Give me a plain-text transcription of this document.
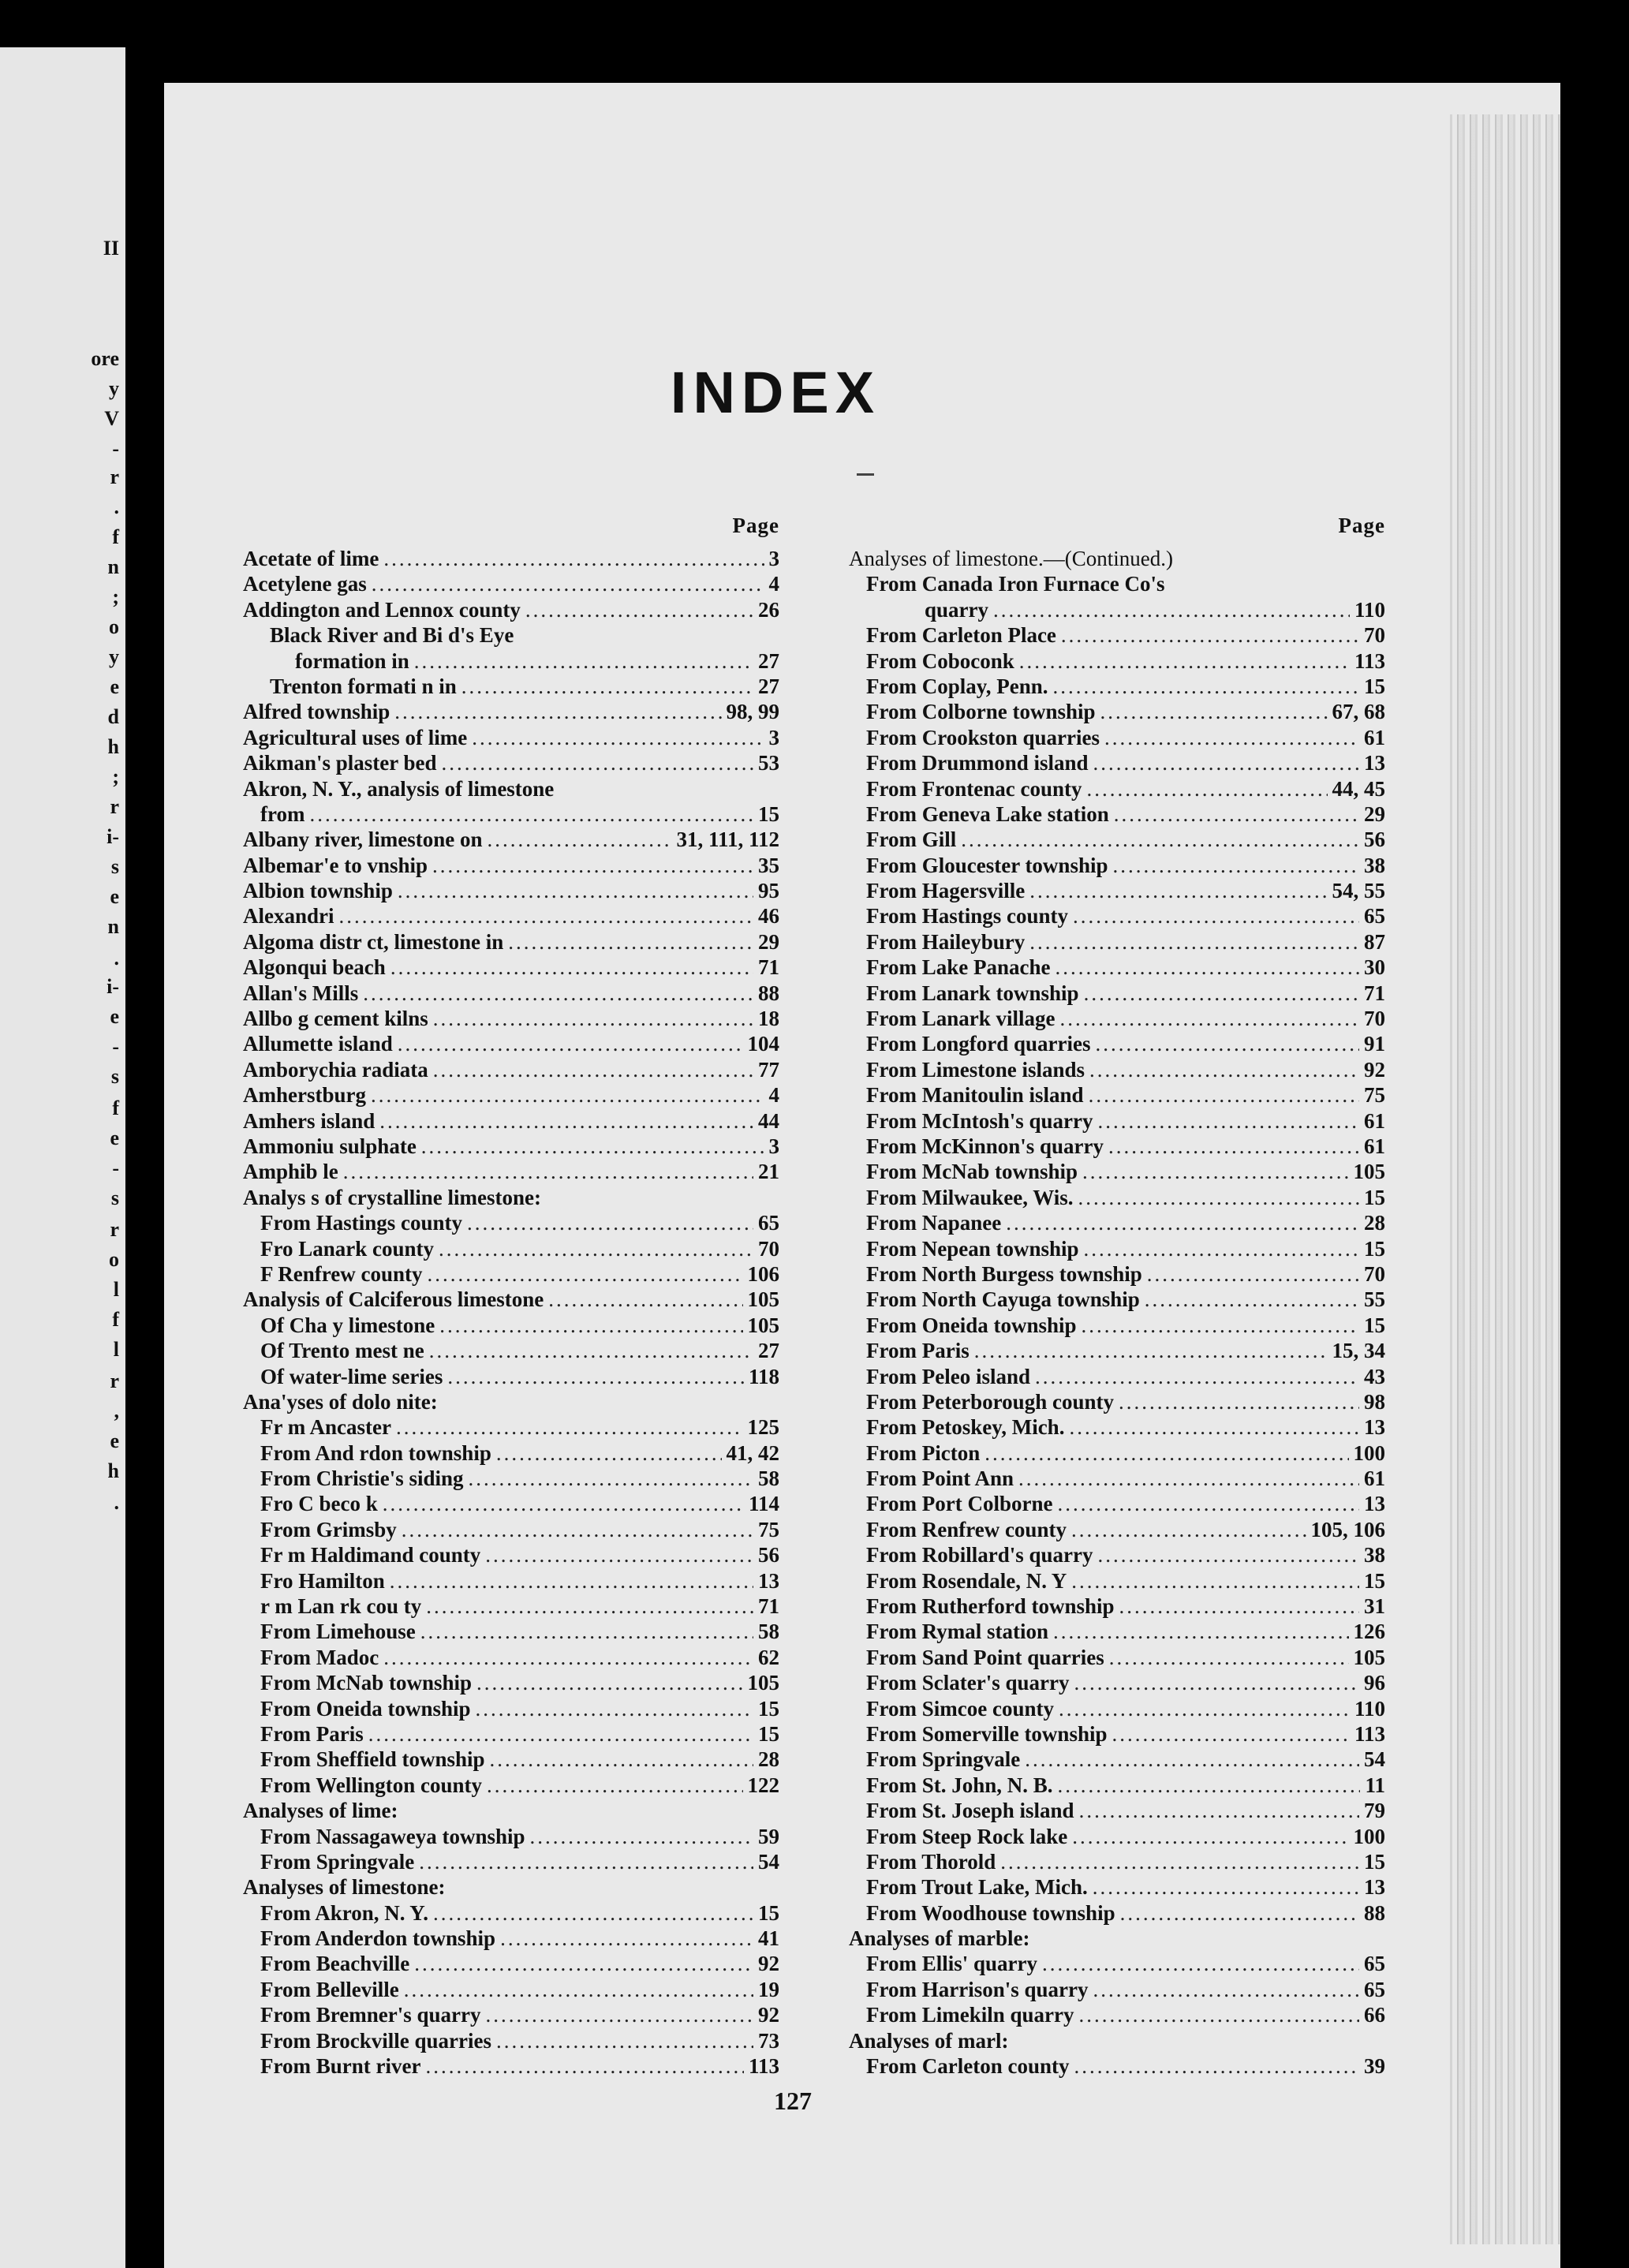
II
ore
y
V
-
r
.
f
n
;
o
y
e
d
h
;
r
i-
s
e
n
.
i-
e
-
s
f
e
-
s
r
o
l
f
l
r
,
e
h
.
INDEX
Page
Acetate of lime .....	3
Acetylene gas .....	4
Addington and Lennox county .....	26
Black River and Bi d's Eye
formation in .....	27
Trenton formati n in .....	27
Alfred township .....	98, 99
Agricultural uses of lime .....	3
Aikman's plaster bed .....	53
Akron, N. Y., analysis of limestone
from .....	15
Albany river, limestone on .....	31, 111, 112
Albemar'e to vnship .....	35
Albion township .....	95
Alexandri .....	46
Algoma distr ct, limestone in .....	29
Algonqui beach .....	71
Allan's Mills .....	88
Allbo g cement kilns .....	18
Allumette island .....	104
Amborychia radiata .....	77
Amherstburg .....	4
Amhers island .....	44
Ammoniu sulphate .....	3
Amphib le .....	21
Analys s of crystalline limestone:
From Hastings county .....	65
Fro Lanark county .....	70
F Renfrew county .....	106
Analysis of Calciferous limestone .....	105
Of Cha y limestone .....	105
Of Trento mest ne .....	27
Of water-lime series .....	118
Ana'yses of dolo nite:
Fr m Ancaster .....	125
From And rdon township .....	41, 42
From Christie's siding .....	58
Fro C beco k .....	114
From Grimsby .....	75
Fr m Haldimand county .....	56
Fro Hamilton .....	13
r m Lan rk cou ty .....	71
From Limehouse .....	58
From Madoc .....	62
From McNab township .....	105
From Oneida township .....	15
From Paris .....	15
From Sheffield township .....	28
From Wellington county .....	122
Analyses of lime:
From Nassagaweya township .....	59
From Springvale .....	54
Analyses of limestone:
From Akron, N. Y. .....	15
From Anderdon township .....	41
From Beachville .....	92
From Belleville .....	19
From Bremner's quarry .....	92
From Brockville quarries .....	73
From Burnt river .....	113
Page
Analyses of limestone.—(Continued.)
From Canada Iron Furnace Co's
quarry .....	110
From Carleton Place .....	70
From Coboconk .....	113
From Coplay, Penn. .....	15
From Colborne township .....	67, 68
From Crookston quarries .....	61
From Drummond island .....	13
From Frontenac county .....	44, 45
From Geneva Lake station .....	29
From Gill .....	56
From Gloucester township .....	38
From Hagersville .....	54, 55
From Hastings county .....	65
From Haileybury .....	87
From Lake Panache .....	30
From Lanark township .....	71
From Lanark village .....	70
From Longford quarries .....	91
From Limestone islands .....	92
From Manitoulin island .....	75
From McIntosh's quarry .....	61
From McKinnon's quarry .....	61
From McNab township .....	105
From Milwaukee, Wis. .....	15
From Napanee .....	28
From Nepean township .....	15
From North Burgess township .....	70
From North Cayuga township .....	55
From Oneida township .....	15
From Paris .....	15, 34
From Peleo island .....	43
From Peterborough county .....	98
From Petoskey, Mich. .....	13
From Picton .....	100
From Point Ann .....	61
From Port Colborne .....	13
From Renfrew county .....	105, 106
From Robillard's quarry .....	38
From Rosendale, N. Y .....	15
From Rutherford township .....	31
From Rymal station .....	126
From Sand Point quarries .....	105
From Sclater's quarry .....	96
From Simcoe county .....	110
From Somerville township .....	113
From Springvale .....	54
From St. John, N. B. .....	11
From St. Joseph island .....	79
From Steep Rock lake .....	100
From Thorold .....	15
From Trout Lake, Mich. .....	13
From Woodhouse township .....	88
Analyses of marble:
From Ellis' quarry .....	65
From Harrison's quarry .....	65
From Limekiln quarry .....	66
Analyses of marl:
From Carleton county .....	39
127
